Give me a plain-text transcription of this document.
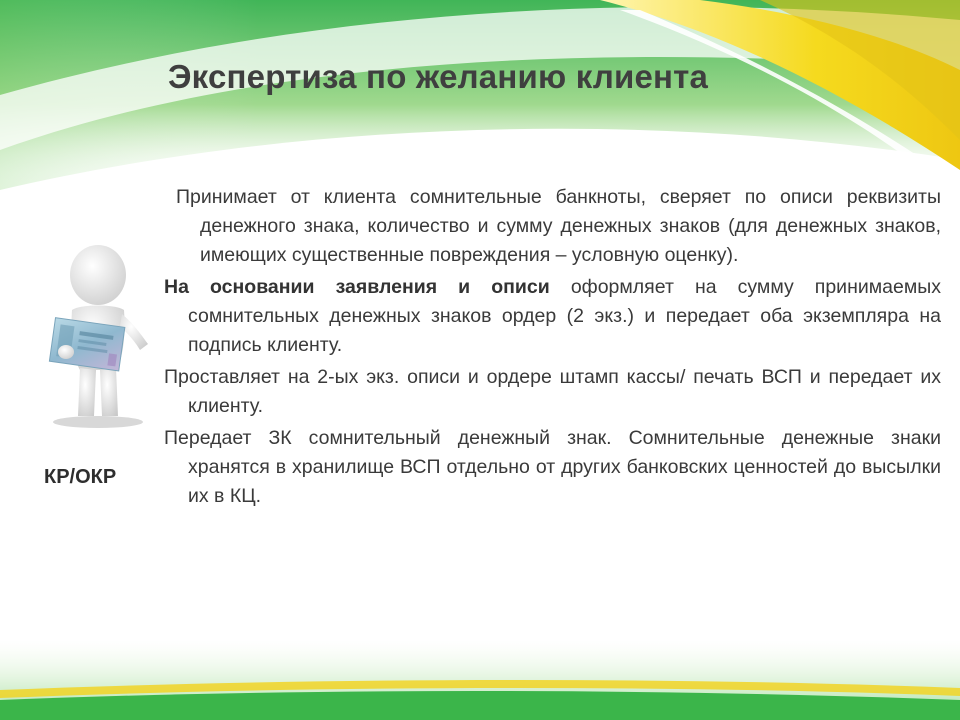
Экспертиза по желанию клиента
КР/ОКР

Принимает от клиента сомнительные банкноты, сверяет по описи реквизиты денежного знака, количество и сумму денежных знаков (для денежных знаков, имеющих существенные повреждения – условную оценку).

На основании заявления и описи оформляет на сумму принимаемых сомнительных денежных знаков ордер (2 экз.) и передает оба экземпляра на подпись клиенту.

Проставляет на 2-ых экз. описи и ордере штамп кассы/ печать ВСП и передает их клиенту.

Передает ЗК сомнительный денежный знак. Сомнительные денежные знаки хранятся в хранилище ВСП отдельно от других банковских ценностей до высылки их в КЦ.
